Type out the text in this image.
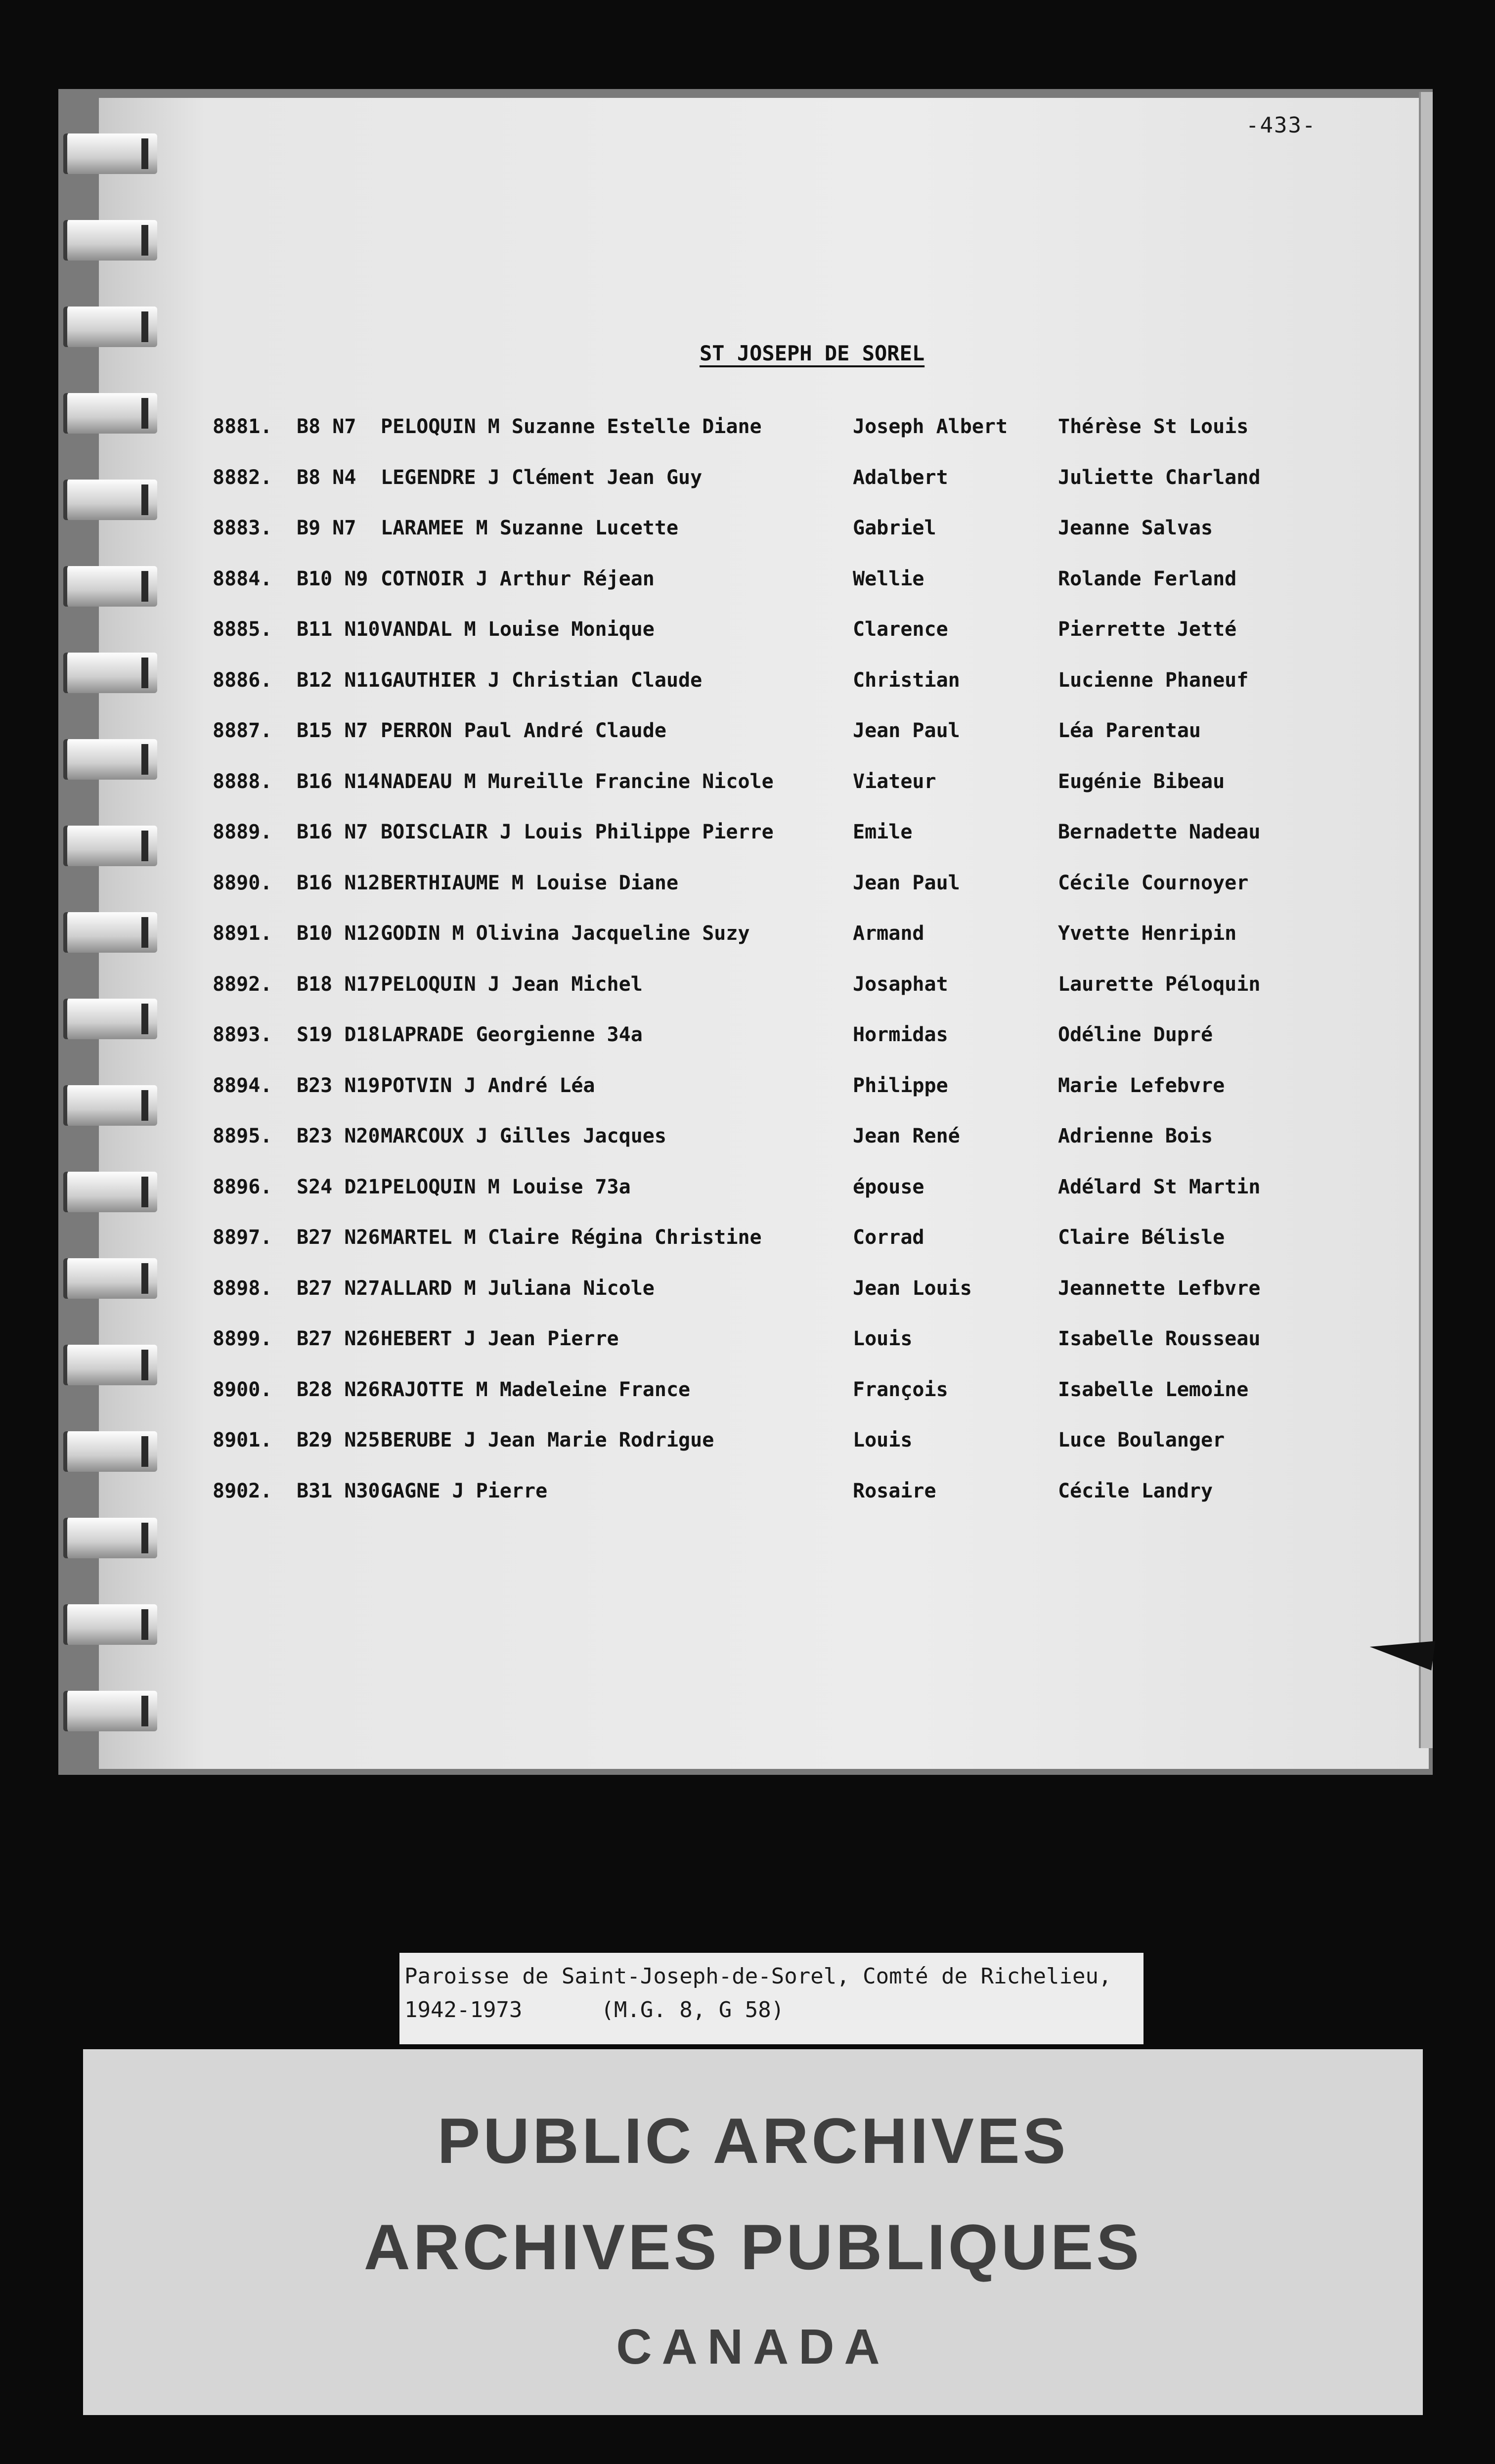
-433-
ST JOSEPH DE SOREL
8881. B8 N7 PELOQUIN M Suzanne Estelle Diane	Joseph Albert	Thérèse St Louis
8882. B8 N4 LEGENDRE J Clément Jean Guy	Adalbert	Juliette Charland
8883. B9 N7 LARAMEE M Suzanne Lucette	Gabriel	Jeanne Salvas
8884. B10 N9 COTNOIR J Arthur Réjean	Wellie	Rolande Ferland
8885. B11 N10 VANDAL M Louise Monique	Clarence	Pierrette Jetté
8886. B12 N11 GAUTHIER J Christian Claude	Christian	Lucienne Phaneuf
8887. B15 N7 PERRON Paul André Claude	Jean Paul	Léa Parentau
8888. B16 N14 NADEAU M Mureille Francine Nicole	Viateur	Eugénie Bibeau
8889. B16 N7 BOISCLAIR J Louis Philippe Pierre	Emile	Bernadette Nadeau
8890. B16 N12 BERTHIAUME M Louise Diane	Jean Paul	Cécile Cournoyer
8891. B10 N12 GODIN M Olivina Jacqueline Suzy	Armand	Yvette Henripin
8892. B18 N17 PELOQUIN J Jean Michel	Josaphat	Laurette Péloquin
8893. S19 D18 LAPRADE Georgienne 34a	Hormidas	Odéline Dupré
8894. B23 N19 POTVIN J André Léa	Philippe	Marie Lefebvre
8895. B23 N20 MARCOUX J Gilles Jacques	Jean René	Adrienne Bois
8896. S24 D21 PELOQUIN M Louise 73a	épouse	Adélard St Martin
8897. B27 N26 MARTEL M Claire Régina Christine	Corrad	Claire Bélisle
8898. B27 N27 ALLARD M Juliana Nicole	Jean Louis	Jeannette Lefbvre
8899. B27 N26 HEBERT J Jean Pierre	Louis	Isabelle Rousseau
8900. B28 N26 RAJOTTE M Madeleine France	François	Isabelle Lemoine
8901. B29 N25 BERUBE J Jean Marie Rodrigue	Louis	Luce Boulanger
8902. B31 N30 GAGNE J Pierre	Rosaire	Cécile Landry
Paroisse de Saint-Joseph-de-Sorel, Comté de Richelieu,
1942-1973      (M.G. 8, G 58)
PUBLIC ARCHIVES
ARCHIVES PUBLIQUES
CANADA
